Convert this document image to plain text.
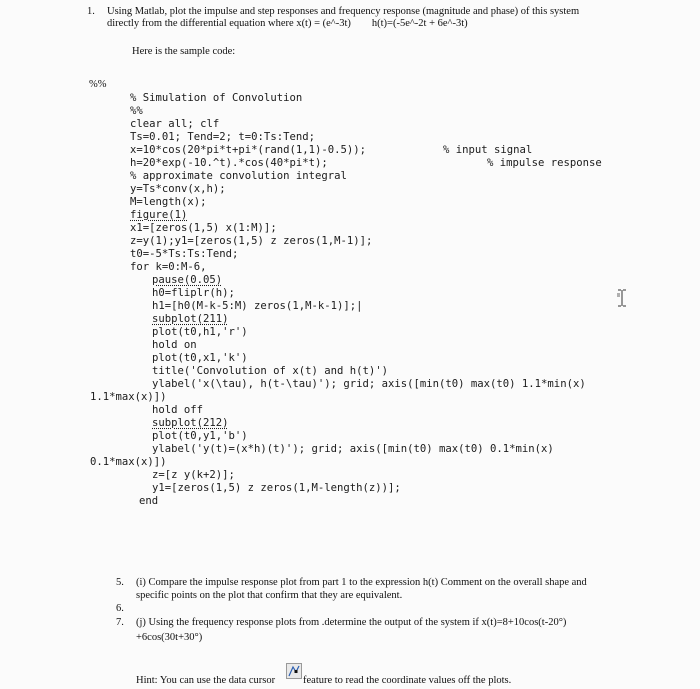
1. Using Matlab, plot the impulse and step responses and frequency response (magnitude and phase) of this system
directly from the differential equation where x(t) = (e^-3t)        h(t)=(-5e^-2t + 6e^-3t)
Here is the sample code:
%%
% Simulation of Convolution
%%
clear all; clf
Ts=0.01; Tend=2; t=0:Ts:Tend;
x=10*cos(20*pi*t+pi*(rand(1,1)-0.5));	% input signal
h=20*exp(-10.^t).*cos(40*pi*t);	% impulse response
% approximate convolution integral
y=Ts*conv(x,h);
M=length(x);
figure(1)
x1=[zeros(1,5) x(1:M)];
z=y(1);y1=[zeros(1,5) z zeros(1,M-1)];
t0=-5*Ts:Ts:Tend;
for k=0:M-6,
pause(0.05)
h0=fliplr(h);
h1=[h0(M-k-5:M) zeros(1,M-k-1)];|
subplot(211)
plot(t0,h1,'r')
hold on
plot(t0,x1,'k')
title('Convolution of x(t) and h(t)')
ylabel('x(\tau), h(t-\tau)'); grid; axis([min(t0) max(t0) 1.1*min(x)
1.1*max(x)])
hold off
subplot(212)
plot(t0,y1,'b')
ylabel('y(t)=(x*h)(t)'); grid; axis([min(t0) max(t0) 0.1*min(x)
0.1*max(x)])
z=[z y(k+2)];
y1=[zeros(1,5) z zeros(1,M-length(z))];
end
5. (i) Compare the impulse response plot from part 1 to the expression h(t) Comment on the overall shape and
specific points on the plot that confirm that they are equivalent.
6.
7. (j) Using the frequency response plots from .determine the output of the system if x(t)=8+10cos(t-20°)
+6cos(30t+30°)
Hint: You can use the data cursor	feature to read the coordinate values off the plots.
